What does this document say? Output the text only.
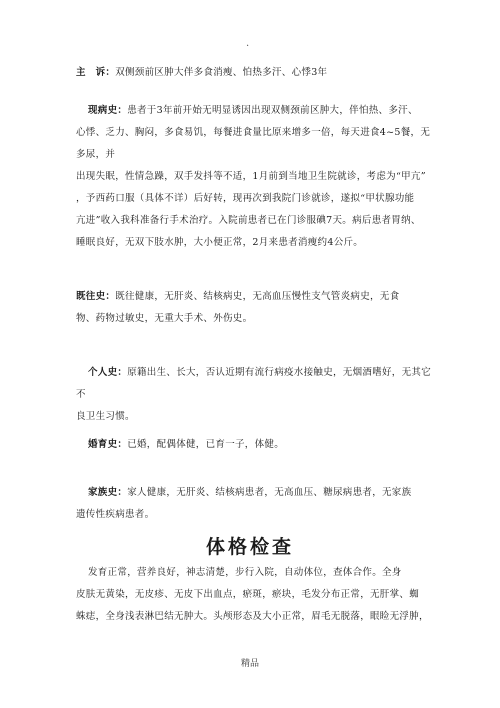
.
主　诉：双侧颈前区肿大伴多食消瘦、怕热多汗、心悸3年
现病史：患者于3年前开始无明显诱因出现双侧颈前区肿大，伴怕热、多汗、
心悸、乏力、胸闷，多食易饥，每餐进食量比原来增多一倍，每天进食4~5餐，无多尿，并
出现失眠，性情急躁，双手发抖等不适，1月前到当地卫生院就诊，考虑为“甲亢”
，予西药口服（具体不详）后好转，现再次到我院门诊就诊，遂拟“甲状腺功能
亢进”收入我科准备行手术治疗。入院前患者已在门诊服碘7天。病后患者胃纳、
睡眠良好，无双下肢水肿，大小便正常，2月来患者消瘦约4公斤。
既往史：既往健康，无肝炎、结核病史，无高血压慢性支气管炎病史，无食
物、药物过敏史，无重大手术、外伤史。
个人史：原籍出生、长大，否认近期有流行病疫水接触史，无烟酒嗜好，无其它不
良卫生习惯。
婚育史：已婚，配偶体健，已育一子，体健。
家族史：家人健康，无肝炎、结核病患者，无高血压、糖尿病患者，无家族
遗传性疾病患者。
体格检查
发育正常，营养良好，神志清楚，步行入院，自动体位，查体合作。全身
皮肤无黄染，无皮疹、无皮下出血点，瘀斑，瘀块，毛发分布正常，无肝掌、蜘
蛛痣，全身浅表淋巴结无肿大。头颅形态及大小正常，眉毛无脱落，眼睑无浮肿，
精品
